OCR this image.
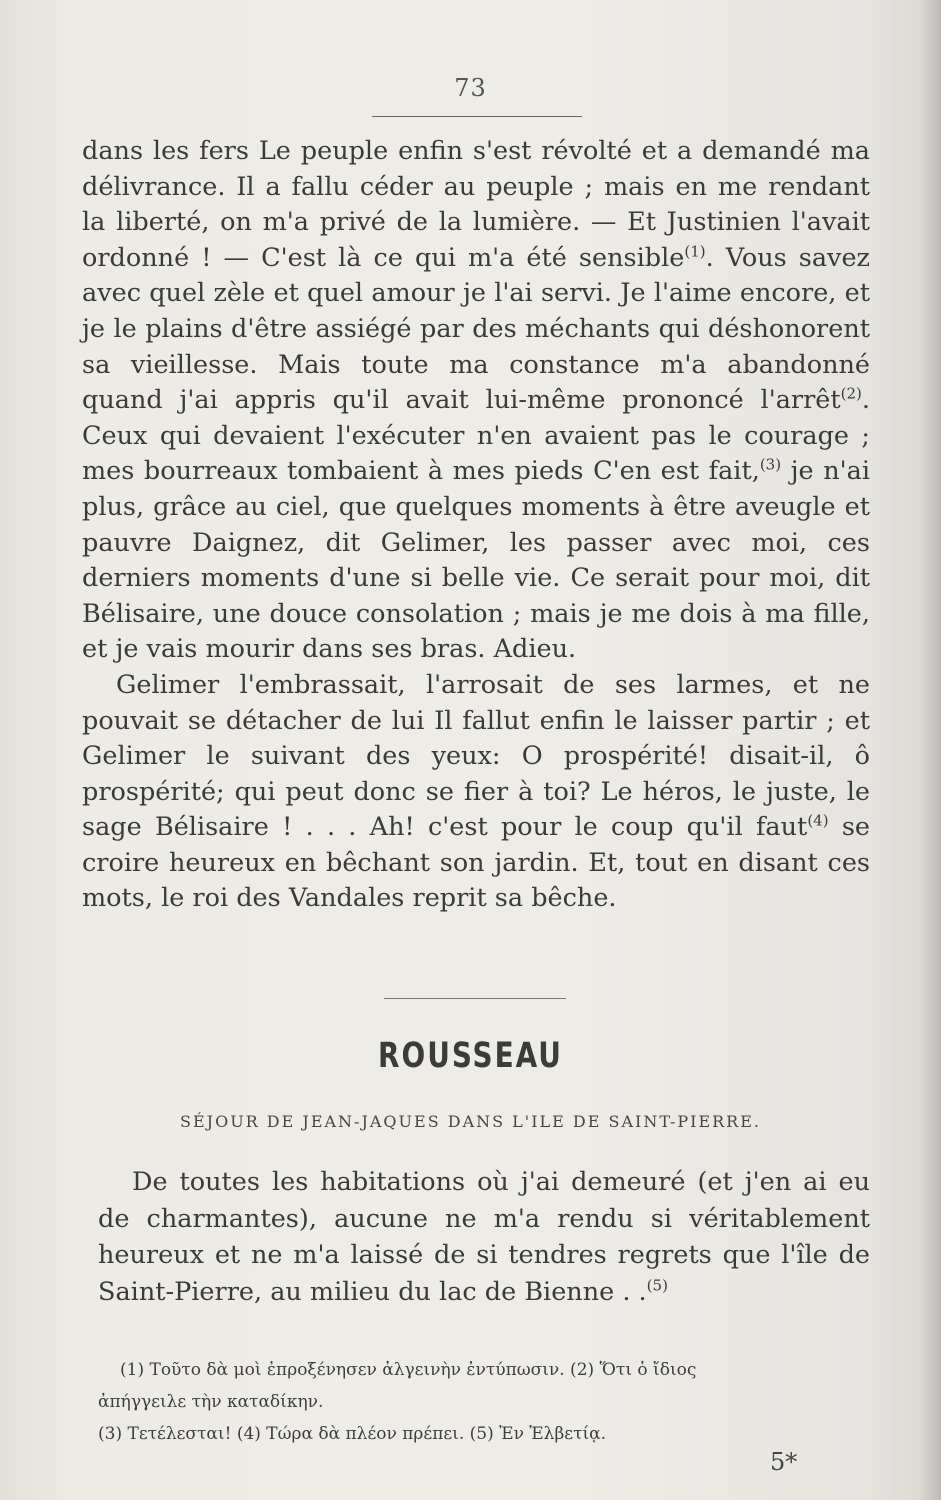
73

dans les fers Le peuple enfin s'est révolté et a demandé ma délivrance. Il a fallu céder au peuple ; mais en me rendant la liberté, on m'a privé de la lumière. — Et Justinien l'avait ordonné ! — C'est là ce qui m'a été sensible$^{(1)}$. Vous savez avec quel zèle et quel amour je l'ai servi. Je l'aime encore, et je le plains d'être assiégé par des méchants qui déshonorent sa vieillesse. Mais toute ma constance m'a abandonné quand j'ai appris qu'il avait lui-même prononcé l'arrêt$^{(2)}$. Ceux qui devaient l'exécuter n'en avaient pas le courage ; mes bourreaux tombaient à mes pieds C'en est fait,$^{(3)}$ je n'ai plus, grâce au ciel, que quelques moments à être aveugle et pauvre Daignez, dit Gelimer, les passer avec moi, ces derniers moments d'une si belle vie. Ce serait pour moi, dit Bélisaire, une douce consolation ; mais je me dois à ma fille, et je vais mourir dans ses bras. Adieu.

Gelimer l'embrassait, l'arrosait de ses larmes, et ne pouvait se détacher de lui Il fallut enfin le laisser partir ; et Gelimer le suivant des yeux: O prospérité! disait-il, ô prospérité; qui peut donc se fier à toi? Le héros, le juste, le sage Bélisaire ! . . . Ah! c'est pour le coup qu'il faut$^{(4)}$ se croire heureux en bêchant son jardin. Et, tout en disant ces mots, le roi des Vandales reprit sa bêche.

ROUSSEAU
SÉJOUR DE JEAN-JAQUES DANS L'ILE DE SAINT-PIERRE.

De toutes les habitations où j'ai demeuré (et j'en ai eu de charmantes), aucune ne m'a rendu si véritablement heureux et ne m'a laissé de si tendres regrets que l'île de Saint-Pierre, au milieu du lac de Bienne . .$^{(5)}$

(1) Τοῦτο δὰ μοὶ ἐπροξένησεν ἀλγεινὴν ἐντύπωσιν. (2) Ὅτι ὁ ἴδιος
ἀπήγγειλε τὴν καταδίκην.
(3) Τετέλεσται! (4) Τώρα δὰ πλέον πρέπει. (5) Ἐν Ἑλβετίᾳ.
5*
